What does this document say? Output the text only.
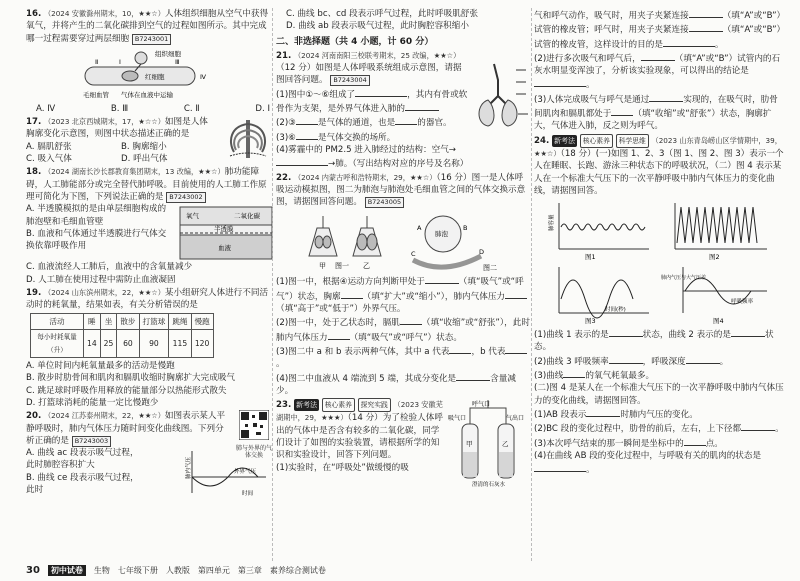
16. （2024 安徽滁州期末，10，★★☆）人体组织细胞从空气中获得氧气，并将产生的二氧化碳排到空气的过程如图所示。其中完成哪一过程需要穿过两层细胞 B7243001
组织细胞
Ⅱ	Ⅰ	Ⅲ
Ⅳ
红细胞
毛细血管 气体在血液中运输
A. Ⅳ	B. Ⅲ	C. Ⅱ	D. Ⅰ
17. （2023 北京西城期末，17，★☆☆）如图是人体胸廓变化示意图，则图中状态描述正确的是
A. 膈肌舒张	B. 胸廓缩小
C. 吸入气体	D. 呼出气体
18. （2024 湖南长沙长郡教育集团期末，13 改编，★★☆）肺功能障碍，人工肺能部分或完全替代肺呼吸。目前使用的人工肺工作原理可简化为下图，下列说法正确的是 B7243002
氧气	二氧化碳
半透膜
血液
A. 半透膜模拟的是由单层细胞构成的肺泡壁和毛细血管壁
B. 血液和气体通过半透膜进行气体交换依靠呼吸作用
C. 血液流经人工肺后，血液中的含氧量减少
D. 人工肺在使用过程中需防止血液凝固
19. （2024 山东滨州期末，22，★★☆）某小组研究人体进行不同活动时的耗氧量，结果如表，有关分析错误的是
活动	睡	坐	散步	打篮球	跳绳	慢跑
每小时耗氧量（升）	14	25	60	90	115	120
A. 单位时间内耗氧量最多的活动是慢跑
B. 散步时肋骨间和肌肉和膈肌收缩时胸廓扩大完成吸气
C. 跳足球时呼吸作用释放的能量部分以热能形式散失
D. 打篮球消耗的能量一定比慢跑少
20. （2024 江苏泰州期末，22，★★☆）如图表示某人平静呼吸时，肺内气体压力随时间变化曲线图。下列分析正确的是 B7243003
肺与外界的气体交换
肺内气压	外界气压
时间
A. 曲线 ac 段表示吸气过程，此时肺腔容积扩大
B. 曲线 ce 段表示吸气过程，此时
C. 曲线 bc、cd 段表示呼气过程，此时呼吸肌舒张
D. 曲线 ab 段表示吸气过程，此时胸腔容积缩小
二、非选择题（共 4 小题，计 60 分）
21. （2024 河南南阳三校联考期末，25 改编，★★☆）（12 分）如图是人体呼吸系统组成示意图，请据图回答问题。 B7243004
(1)图中①～⑥组成了	，其内有骨或软骨作为支架，是外界气体进入肺的
(2)③	是气体的通道，也是	的器官。
(3)⑥	是气体交换的场所。
(4)雾霾中的 PM2.5 进入肺经过的结构：空气→→肺。（写出结构对应的序号及名称）
22. （2024 内蒙古呼和浩特期末，29，★★☆）（16 分）图一是人体呼吸运动模拟图，图二为肺泡与肺泡处毛细血管之间的气体交换示意图，请据图回答问题。 B7243005
甲	乙
图一
肺泡
A	B
C	D
图二
(1)图一中，根据④运动方向判断甲处于	（填“吸气”或“呼气”）状态，胸廓	（填“扩大”或“缩小”），肺内气体压力（填“高于”或“低于”）外界气压。
(2)图一中，处于乙状态时，膈肌	（填“收缩”或“舒张”），此时肺内气体压力	（填“吸气”或“呼气”）状态。
(3)图二中 a 和 b 表示两种气体，其中 a 代表	，b 代表。
(4)图二中血液从 4 端流到 5 端，其成分变化是	含量减少。
23. 新考法 核心素养 探究实践 （2023 安徽芜湖期中，29，★★★）（14 分）为了检验人体呼出的气体中是否含有较多的二氧化碳，同学们设计了如图的实验装置，请根据所学的知识和实验设计，回答下列问题。
呼气口
吸气口	气出口
澄清的石灰水
甲	乙
(1)实验时，在“呼吸处”做缓慢的吸
气和呼气动作，吸气时，用夹子夹紧连接	（填“A”或“B”）试管的橡皮管；呼气时，用夹子夹紧连接	（填“A”或“B”）试管的橡皮管，这样设计的目的是	。
(2)进行多次吸气和呼气后，	（填“A”或“B”）试管内的石灰水明显变浑浊了，分析该实验现象，可以得出的结论是。
(3)人体完成吸气与呼气是通过	实现的，在吸气时，肋骨间肌肉和膈肌都处于	（填“收缩”或“舒张”）状态，胸廓扩大，气体进入肺，反之则为呼气。
24. 新考法 核心素养 科学思维 （2023 山东青岛崂山区学情期中，39，★★☆）（18 分）(一)如图 1、2、3（图 1、图 2、图 3）表示一个人在睡眠、长跑、游泳三种状态下的呼吸状况，（二）图 4 表示某人在一个标准大气压下的一次平静呼吸中肺内气体压力的变化曲线，请据图回答。
肺容量
图1	图2
图3
时间(秒)
肺内气压与大气压差
呼吸频率
图4
(1)曲线 1 表示的是	状态，曲线 2 表示的是	状态。
(2)曲线 3 呼吸频率	，呼吸深度	。
(3)曲线	的氧气耗氧最多。
(二)图 4 是某人在一个标准大气压下的一次平静呼吸中肺内气体压力的变化曲线，请据图回答。
(1)AB 段表示	时肺内气压的变化。
(2)BC 段的变化过程中，肋骨的前后，左右，上下径都	。
(3)本次呼气结束的那一瞬间是坐标中的	点。
(4)在曲线 AB 段的变化过程中，与呼吸有关的肌肉的状态是。
30	初中试卷	生物 七年级下册 人教版 第四单元 第三章 素养综合测试卷
